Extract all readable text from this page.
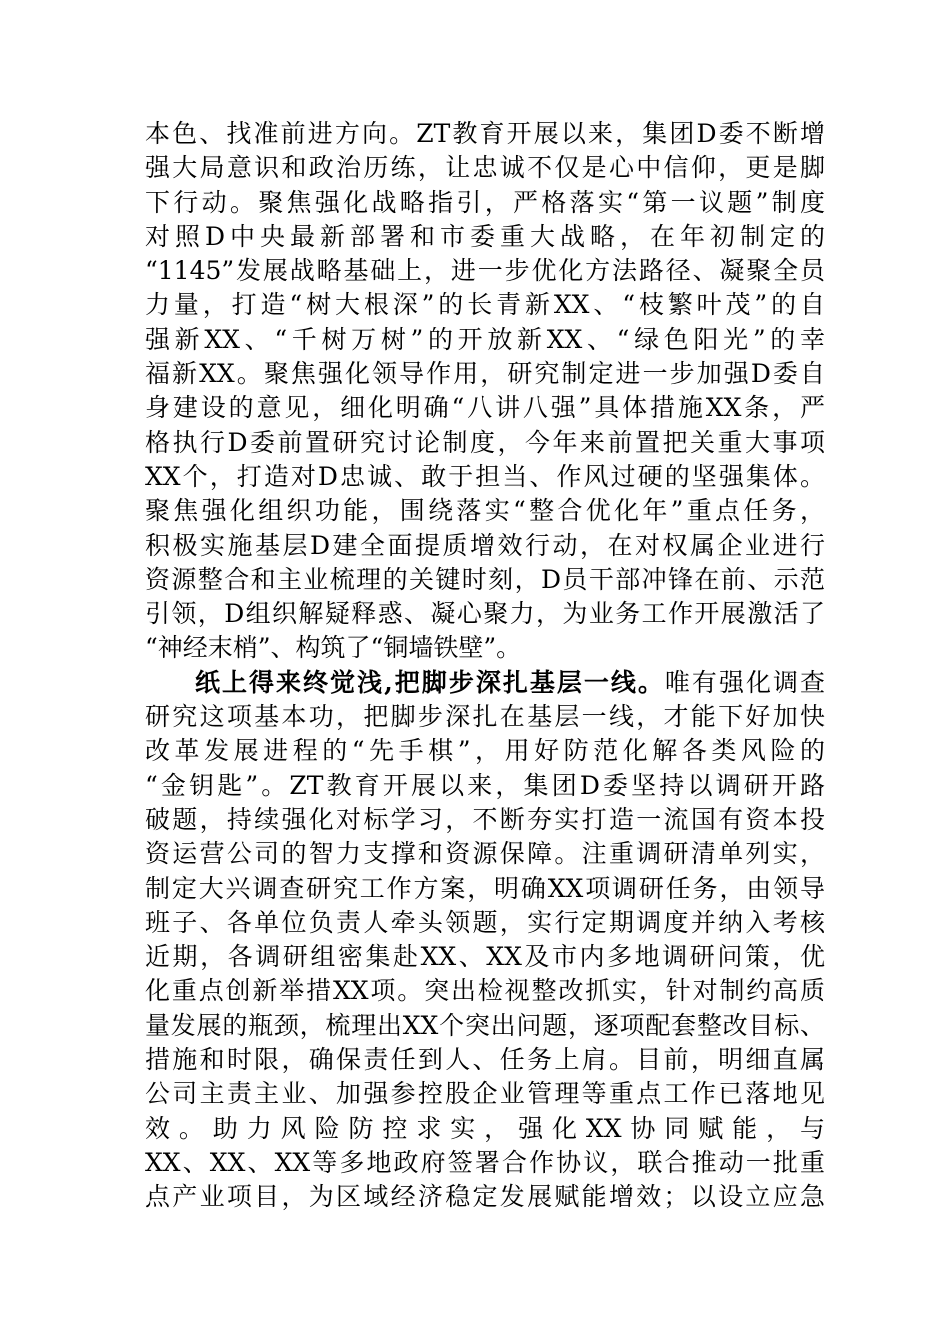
本色、找准前进方向。ZT教育开展以来，集团D委不断增
强大局意识和政治历练，让忠诚不仅是心中信仰，更是脚
下行动。聚焦强化战略指引，严格落实“第一议题”制度
对照D中央最新部署和市委重大战略，在年初制定的
“1145”发展战略基础上，进一步优化方法路径、凝聚全员
力量，打造“树大根深”的长青新XX、“枝繁叶茂”的自
强新XX、“千树万树”的开放新XX、“绿色阳光”的幸
福新XX。聚焦强化领导作用，研究制定进一步加强D委自
身建设的意见，细化明确“八讲八强”具体措施XX条，严
格执行D委前置研究讨论制度，今年来前置把关重大事项
XX个，打造对D忠诚、敢于担当、作风过硬的坚强集体。
聚焦强化组织功能，围绕落实“整合优化年”重点任务，
积极实施基层D建全面提质增效行动，在对权属企业进行
资源整合和主业梳理的关键时刻，D员干部冲锋在前、示范
引领，D组织解疑释惑、凝心聚力，为业务工作开展激活了
“神经末梢”、构筑了“铜墙铁壁”。
纸上得来终觉浅,把脚步深扎基层一线。唯有强化调查
研究这项基本功，把脚步深扎在基层一线，才能下好加快
改革发展进程的“先手棋”，用好防范化解各类风险的
“金钥匙”。ZT教育开展以来，集团D委坚持以调研开路
破题，持续强化对标学习，不断夯实打造一流国有资本投
资运营公司的智力支撑和资源保障。注重调研清单列实，
制定大兴调查研究工作方案，明确XX项调研任务，由领导
班子、各单位负责人牵头领题，实行定期调度并纳入考核
近期，各调研组密集赴XX、XX及市内多地调研问策，优
化重点创新举措XX项。突出检视整改抓实，针对制约高质
量发展的瓶颈，梳理出XX个突出问题，逐项配套整改目标、
措施和时限，确保责任到人、任务上肩。目前，明细直属
公司主责主业、加强参控股企业管理等重点工作已落地见
效。助力风险防控求实，强化XX协同赋能，与
XX、XX、XX等多地政府签署合作协议，联合推动一批重
点产业项目，为区域经济稳定发展赋能增效；以设立应急
